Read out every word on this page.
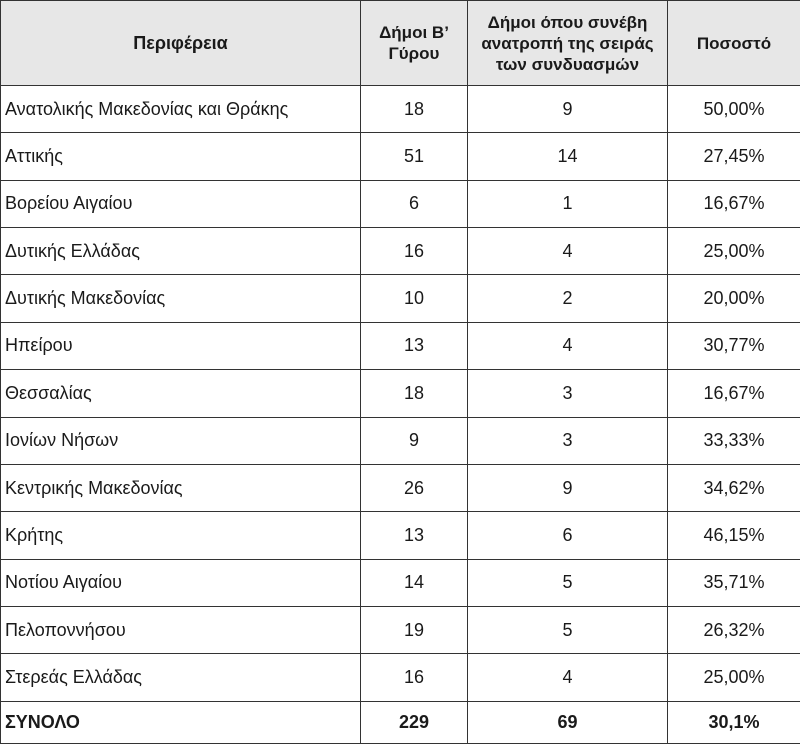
Περιφέρεια	Δήμοι Β’ Γύρου	Δήμοι όπου συνέβη ανατροπή της σειράς των συνδυασμών	Ποσοστό
Ανατολικής Μακεδονίας και Θράκης	18	9	50,00%
Αττικής	51	14	27,45%
Βορείου Αιγαίου	6	1	16,67%
Δυτικής Ελλάδας	16	4	25,00%
Δυτικής Μακεδονίας	10	2	20,00%
Ηπείρου	13	4	30,77%
Θεσσαλίας	18	3	16,67%
Ιονίων Νήσων	9	3	33,33%
Κεντρικής Μακεδονίας	26	9	34,62%
Κρήτης	13	6	46,15%
Νοτίου Αιγαίου	14	5	35,71%
Πελοποννήσου	19	5	26,32%
Στερεάς Ελλάδας	16	4	25,00%
ΣΥΝΟΛΟ	229	69	30,1%
